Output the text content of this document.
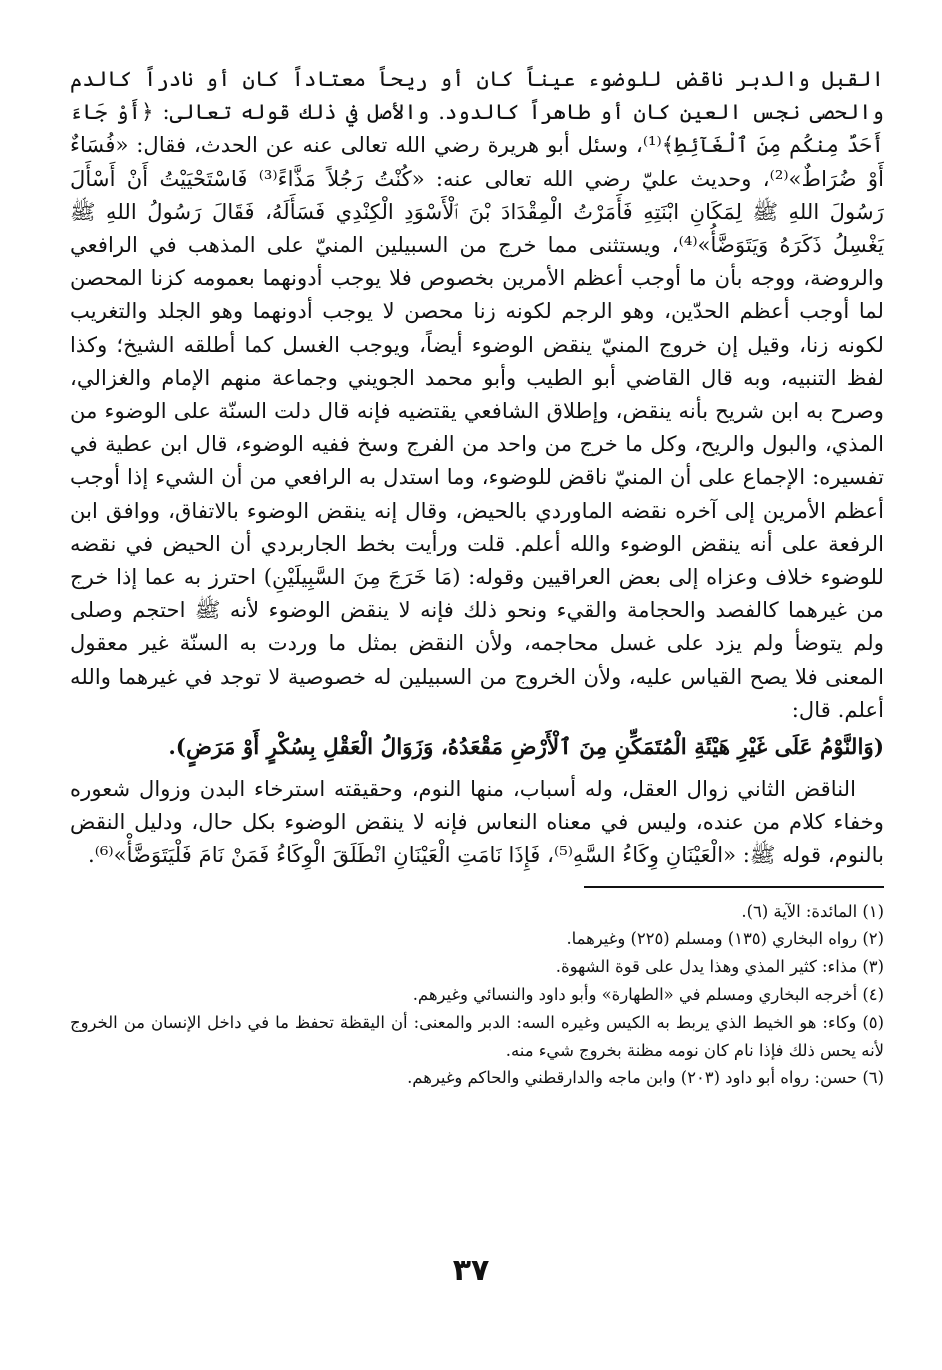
القبل والدبر ناقض للوضوء عيناً كان أو ريحاً معتاداً كان أو نادراً كالدم والحصى نجس العين كان أو طاهراً كالدود. والأصل في ذلك قوله تعالى: ﴿أَوْ جَاءَ أَحَدٌ مِنكُم مِنَ ٱلْغَآئِطِ﴾⁽¹⁾، وسئل أبو هريرة رضي الله تعالى عنه عن الحدث، فقال: «فُسَاءٌ أَوْ ضُرَاطٌ»⁽²⁾، وحديث عليّ رضي الله تعالى عنه: «كُنْتُ رَجُلاً مَذَّاءً⁽³⁾ فَاسْتَحْيَيْتُ أَنْ أَسْأَلَ رَسُولَ اللهِ ﷺ لِمَكَانِ ابْنَتِهِ فَأَمَرْتُ الْمِقْدَادَ بْنَ ٱلْأَسْوَدِ الْكِنْدِي فَسَأَلَهُ، فَقَالَ رَسُولُ اللهِ ﷺ يَغْسِلُ ذَكَرَهُ وَيَتَوَضَّأُ»⁽⁴⁾، ويستثنى مما خرج من السبيلين المنيّ على المذهب في الرافعي والروضة، ووجه بأن ما أوجب أعظم الأمرين بخصوص فلا يوجب أدونهما بعمومه كزنا المحصن لما أوجب أعظم الحدّين، وهو الرجم لكونه زنا محصن لا يوجب أدونهما وهو الجلد والتغريب لكونه زنا، وقيل إن خروج المنيّ ينقض الوضوء أيضاً، ويوجب الغسل كما أطلقه الشيخ؛ وكذا لفظ التنبيه، وبه قال القاضي أبو الطيب وأبو محمد الجويني وجماعة منهم الإمام والغزالي، وصرح به ابن شريح بأنه ينقض، وإطلاق الشافعي يقتضيه فإنه قال دلت السنّة على الوضوء من المذي، والبول والريح، وكل ما خرج من واحد من الفرج وسخ ففيه الوضوء، قال ابن عطية في تفسيره: الإجماع على أن المنيّ ناقض للوضوء، وما استدل به الرافعي من أن الشيء إذا أوجب أعظم الأمرين إلى آخره نقضه الماوردي بالحيض، وقال إنه ينقض الوضوء بالاتفاق، ووافق ابن الرفعة على أنه ينقض الوضوء والله أعلم. قلت ورأيت بخط الجاربردي أن الحيض في نقضه للوضوء خلاف وعزاه إلى بعض العراقيين وقوله: (مَا خَرَجَ مِنَ السَّبِيلَيْنِ) احترز به عما إذا خرج من غيرهما كالفصد والحجامة والقيء ونحو ذلك فإنه لا ينقض الوضوء لأنه ﷺ احتجم وصلى ولم يتوضأ ولم يزد على غسل محاجمه، ولأن النقض بمثل ما وردت به السنّة غير معقول المعنى فلا يصح القياس عليه، ولأن الخروج من السبيلين له خصوصية لا توجد في غيرهما والله أعلم. قال:

(وَالنَّوْمُ عَلَى غَيْرِ هَيْئَةِ الْمُتَمَكِّنِ مِنَ ٱلْأَرْضِ مَقْعَدُهُ، وَزَوَالُ الْعَقْلِ بِسُكْرٍ أَوْ مَرَضٍ).

الناقض الثاني زوال العقل، وله أسباب، منها النوم، وحقيقته استرخاء البدن وزوال شعوره وخفاء كلام من عنده، وليس في معناه النعاس فإنه لا ينقض الوضوء بكل حال، ودليل النقض بالنوم، قوله ﷺ: «الْعَيْنَانِ وِكَاءُ السَّهِ⁽⁵⁾، فَإِذَا نَامَتِ الْعَيْنَانِ انْطَلَقَ الْوِكَاءُ فَمَنْ نَامَ فَلْيَتَوَضَّأْ»⁽⁶⁾.

(١) المائدة: الآية (٦).

(٢) رواه البخاري (١٣٥) ومسلم (٢٢٥) وغيرهما.

(٣) مذاء: كثير المذي وهذا يدل على قوة الشهوة.

(٤) أخرجه البخاري ومسلم في «الطهارة» وأبو داود والنسائي وغيرهم.

(٥) وكاء: هو الخيط الذي يربط به الكيس وغيره السه: الدبر والمعنى: أن اليقظة تحفظ ما في داخل الإنسان من الخروج لأنه يحس ذلك فإذا نام كان نومه مظنة بخروج شيء منه.

(٦) حسن: رواه أبو داود (٢٠٣) وابن ماجه والدارقطني والحاكم وغيرهم.

٣٧
